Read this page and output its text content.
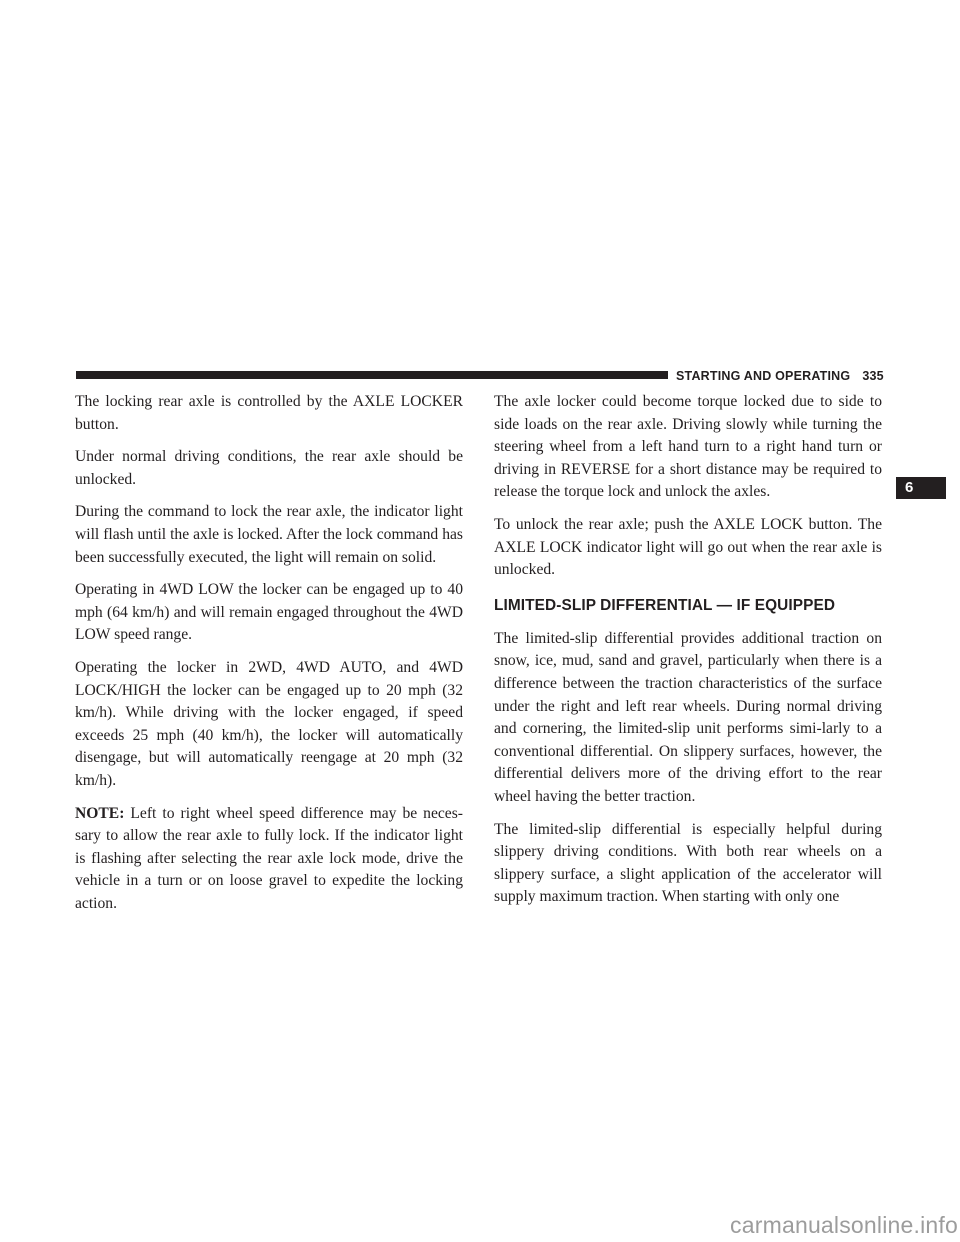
STARTING AND OPERATING 335

The locking rear axle is controlled by the AXLE LOCKER button.

Under normal driving conditions, the rear axle should be unlocked.

During the command to lock the rear axle, the indicator light will flash until the axle is locked. After the lock command has been successfully executed, the light will remain on solid.

Operating in 4WD LOW the locker can be engaged up to 40 mph (64 km/h) and will remain engaged throughout the 4WD LOW speed range.

Operating the locker in 2WD, 4WD AUTO, and 4WD LOCK/HIGH the locker can be engaged up to 20 mph (32 km/h). While driving with the locker engaged, if speed exceeds 25 mph (40 km/h), the locker will automatically disengage, but will automatically reengage at 20 mph (32 km/h).

NOTE: Left to right wheel speed difference may be neces-sary to allow the rear axle to fully lock. If the indicator light is flashing after selecting the rear axle lock mode, drive the vehicle in a turn or on loose gravel to expedite the locking action.

The axle locker could become torque locked due to side to side loads on the rear axle. Driving slowly while turning the steering wheel from a left hand turn to a right hand turn or driving in REVERSE for a short distance may be required to release the torque lock and unlock the axles.

To unlock the rear axle; push the AXLE LOCK button. The AXLE LOCK indicator light will go out when the rear axle is unlocked.

LIMITED-SLIP DIFFERENTIAL — IF EQUIPPED

The limited-slip differential provides additional traction on snow, ice, mud, sand and gravel, particularly when there is a difference between the traction characteristics of the surface under the right and left rear wheels. During normal driving and cornering, the limited-slip unit performs simi-larly to a conventional differential. On slippery surfaces, however, the differential delivers more of the driving effort to the rear wheel having the better traction.

The limited-slip differential is especially helpful during slippery driving conditions. With both rear wheels on a slippery surface, a slight application of the accelerator will supply maximum traction. When starting with only one

6
carmanualsonline.info
